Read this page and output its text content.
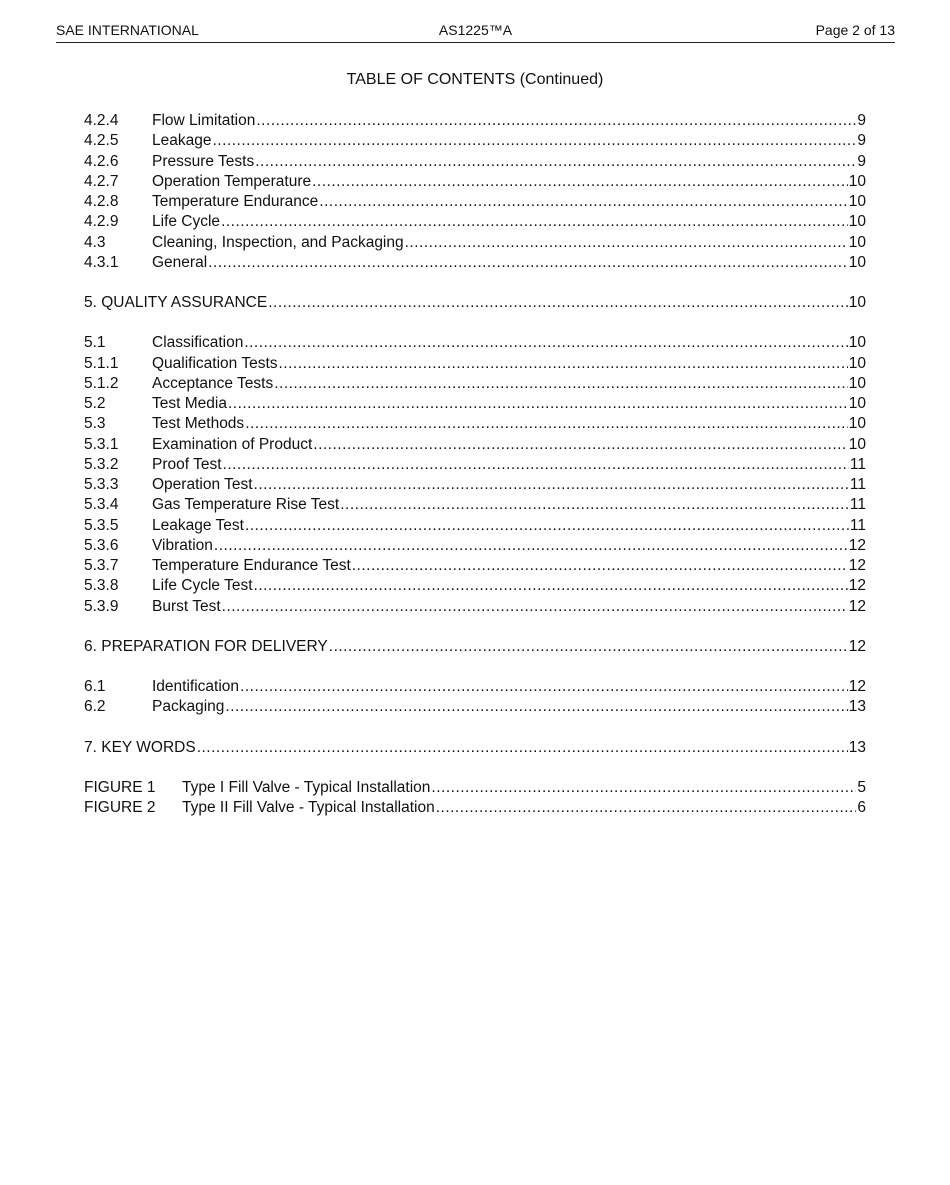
SAE INTERNATIONAL	AS1225™A	Page 2 of 13
TABLE OF CONTENTS (Continued)
4.2.4	Flow Limitation .....	9
4.2.5	Leakage .....	9
4.2.6	Pressure Tests .....	9
4.2.7	Operation Temperature .....	10
4.2.8	Temperature Endurance .....	10
4.2.9	Life Cycle .....	10
4.3	Cleaning, Inspection, and Packaging .....	10
4.3.1	General .....	10
5. QUALITY ASSURANCE .....	10
5.1	Classification .....	10
5.1.1	Qualification Tests .....	10
5.1.2	Acceptance Tests .....	10
5.2	Test Media .....	10
5.3	Test Methods .....	10
5.3.1	Examination of Product .....	10
5.3.2	Proof Test .....	11
5.3.3	Operation Test .....	11
5.3.4	Gas Temperature Rise Test .....	11
5.3.5	Leakage Test .....	11
5.3.6	Vibration .....	12
5.3.7	Temperature Endurance Test .....	12
5.3.8	Life Cycle Test .....	12
5.3.9	Burst Test .....	12
6. PREPARATION FOR DELIVERY .....	12
6.1	Identification .....	12
6.2	Packaging .....	13
7. KEY WORDS .....	13
FIGURE 1	Type I Fill Valve - Typical Installation .....	5
FIGURE 2	Type II Fill Valve - Typical Installation .....	6
